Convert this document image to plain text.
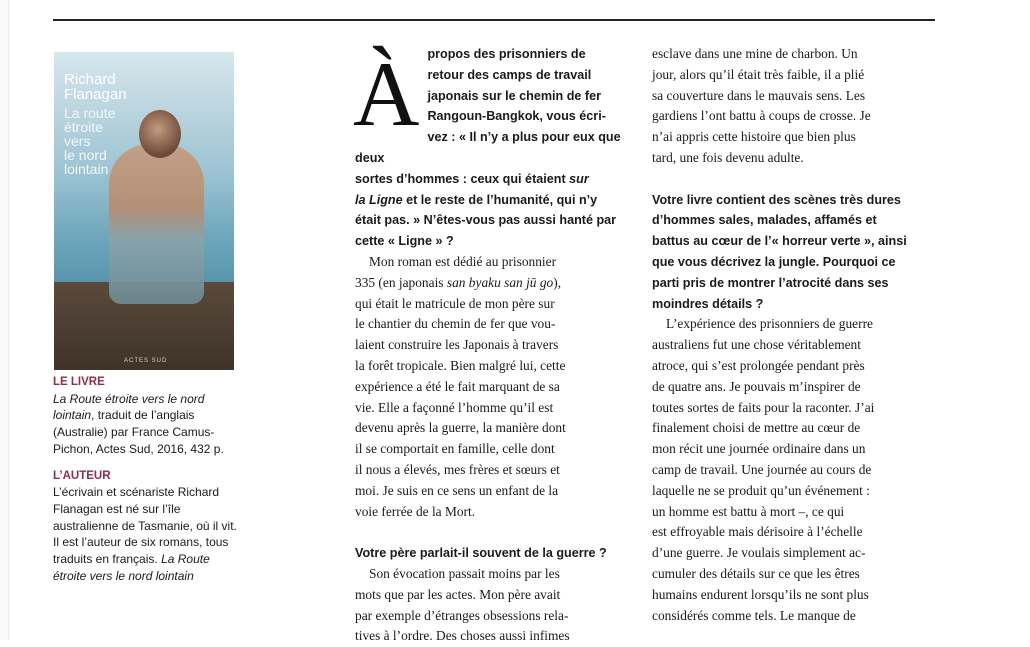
Richard
Flanagan
La route
étroite
vers
le nord
lointain
ACTES SUD

LE LIVRE

La Route étroite vers le nord lointain, traduit de l’anglais (Australie) par France Camus-Pichon, Actes Sud, 2016, 432 p.

L’AUTEUR

L’écrivain et scénariste Richard Flanagan est né sur l’île australienne de Tasmanie, où il vit. Il est l’auteur de six romans, tous traduits en français. La Route étroite vers le nord lointain

À propos des prisonniers de
retour des camps de travail
japonais sur le chemin de fer
Rangoun-Bangkok, vous écri-
vez : « Il n’y a plus pour eux que deux
sortes d’hommes : ceux qui étaient sur
la Ligne et le reste de l’humanité, qui n’y
était pas. » N’êtes-vous pas aussi hanté par
cette « Ligne » ?

Mon roman est dédié au prisonnier
335 (en japonais san byaku san jū go),
qui était le matricule de mon père sur
le chantier du chemin de fer que vou-
laient construire les Japonais à travers
la forêt tropicale. Bien malgré lui, cette
expérience a été le fait marquant de sa
vie. Elle a façonné l’homme qu’il est
devenu après la guerre, la manière dont
il se comportait en famille, celle dont
il nous a élevés, mes frères et sœurs et
moi. Je suis en ce sens un enfant de la
voie ferrée de la Mort.

Votre père parlait-il souvent de la guerre ?

Son évocation passait moins par les
mots que par les actes. Mon père avait
par exemple d’étranges obsessions rela-
tives à l’ordre. Des choses aussi infimes

esclave dans une mine de charbon. Un
jour, alors qu’il était très faible, il a plié
sa couverture dans le mauvais sens. Les
gardiens l’ont battu à coups de crosse. Je
n’ai appris cette histoire que bien plus
tard, une fois devenu adulte.

Votre livre contient des scènes très dures
d’hommes sales, malades, affamés et
battus au cœur de l’« horreur verte », ainsi
que vous décrivez la jungle. Pourquoi ce
parti pris de montrer l’atrocité dans ses
moindres détails ?

L’expérience des prisonniers de guerre
australiens fut une chose véritablement
atroce, qui s’est prolongée pendant près
de quatre ans. Je pouvais m’inspirer de
toutes sortes de faits pour la raconter. J’ai
finalement choisi de mettre au cœur de
mon récit une journée ordinaire dans un
camp de travail. Une journée au cours de
laquelle ne se produit qu’un événement :
un homme est battu à mort –, ce qui
est effroyable mais dérisoire à l’échelle
d’une guerre. Je voulais simplement ac-
cumuler des détails sur ce que les êtres
humains endurent lorsqu’ils ne sont plus
considérés comme tels. Le manque de
